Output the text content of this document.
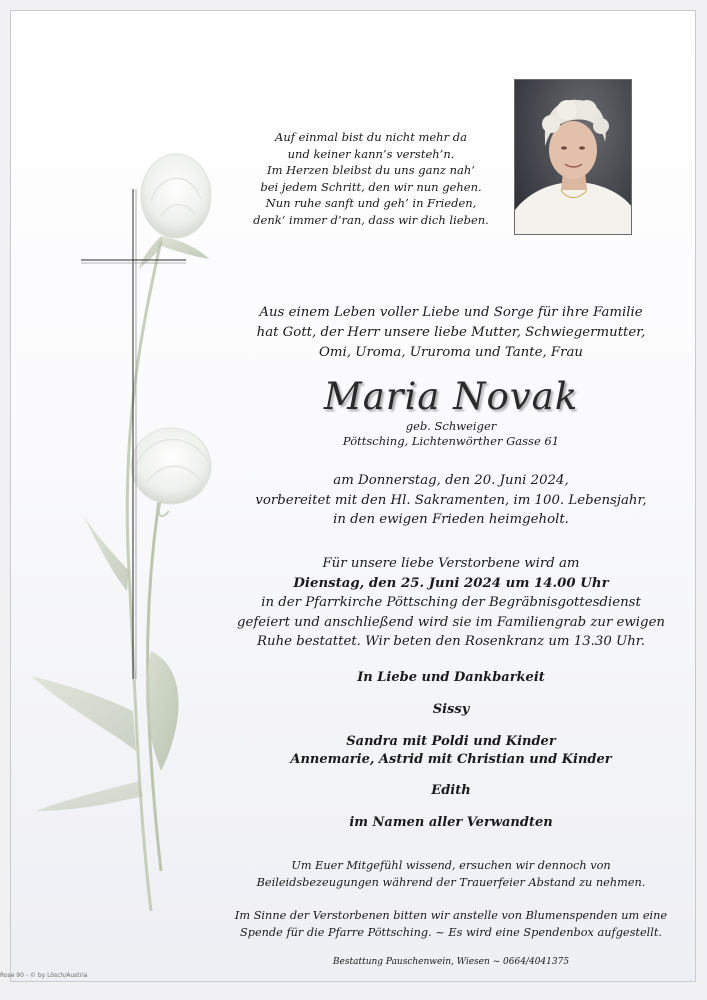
Auf einmal bist du nicht mehr da
und keiner kann’s versteh’n.
Im Herzen bleibst du uns ganz nah’
bei jedem Schritt, den wir nun gehen.
Nun ruhe sanft und geh’ in Frieden,
denk‘ immer d’ran, dass wir dich lieben.
Aus einem Leben voller Liebe und Sorge für ihre Familie
hat Gott, der Herr unsere liebe Mutter, Schwiegermutter,
Omi, Uroma, Ururoma und Tante, Frau
Maria Novak
geb. Schweiger
Pöttsching, Lichtenwörther Gasse 61
am Donnerstag, den 20. Juni 2024,
vorbereitet mit den Hl. Sakramenten, im 100. Lebensjahr,
in den ewigen Frieden heimgeholt.
Für unsere liebe Verstorbene wird am
Dienstag, den 25. Juni 2024 um 14.00 Uhr
in der Pfarrkirche Pöttsching der Begräbnisgottesdienst
gefeiert und anschließend wird sie im Familiengrab zur ewigen
Ruhe bestattet. Wir beten den Rosenkranz um 13.30 Uhr.
In Liebe und Dankbarkeit
Sissy
Sandra mit Poldi und Kinder
Annemarie, Astrid mit Christian und Kinder
Edith
im Namen aller Verwandten
Um Euer Mitgefühl wissend, ersuchen wir dennoch von
Beileidsbezeugungen während der Trauerfeier Abstand zu nehmen.
Im Sinne der Verstorbenen bitten wir anstelle von Blumenspenden um eine
Spende für die Pfarre Pöttsching. ~ Es wird eine Spendenbox aufgestellt.
Bestattung Pauschenwein, Wiesen ~ 0664/4041375
Rose 90 - © by Lösch/Austria
